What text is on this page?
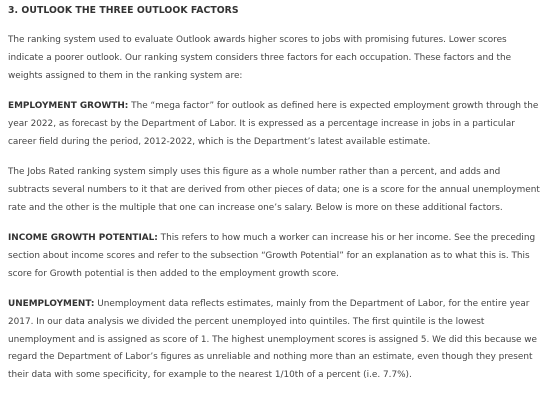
3. OUTLOOK THE THREE OUTLOOK FACTORS

The ranking system used to evaluate Outlook awards higher scores to jobs with promising futures. Lower scores indicate a poorer outlook. Our ranking system considers three factors for each occupation. These factors and the weights assigned to them in the ranking system are:

EMPLOYMENT GROWTH: The “mega factor” for outlook as defined here is expected employment growth through the year 2022, as forecast by the Department of Labor. It is expressed as a percentage increase in jobs in a particular career field during the period, 2012-2022, which is the Department’s latest available estimate.

The Jobs Rated ranking system simply uses this figure as a whole number rather than a percent, and adds and subtracts several numbers to it that are derived from other pieces of data; one is a score for the annual unemployment rate and the other is the multiple that one can increase one’s salary. Below is more on these additional factors.

INCOME GROWTH POTENTIAL: This refers to how much a worker can increase his or her income. See the preceding section about income scores and refer to the subsection “Growth Potential” for an explanation as to what this is. This score for Growth potential is then added to the employment growth score.

UNEMPLOYMENT: Unemployment data reflects estimates, mainly from the Department of Labor, for the entire year 2017. In our data analysis we divided the percent unemployed into quintiles. The first quintile is the lowest unemployment and is assigned as score of 1. The highest unemployment scores is assigned 5. We did this because we regard the Department of Labor’s figures as unreliable and nothing more than an estimate, even though they present their data with some specificity, for example to the nearest 1/10th of a percent (i.e. 7.7%).
